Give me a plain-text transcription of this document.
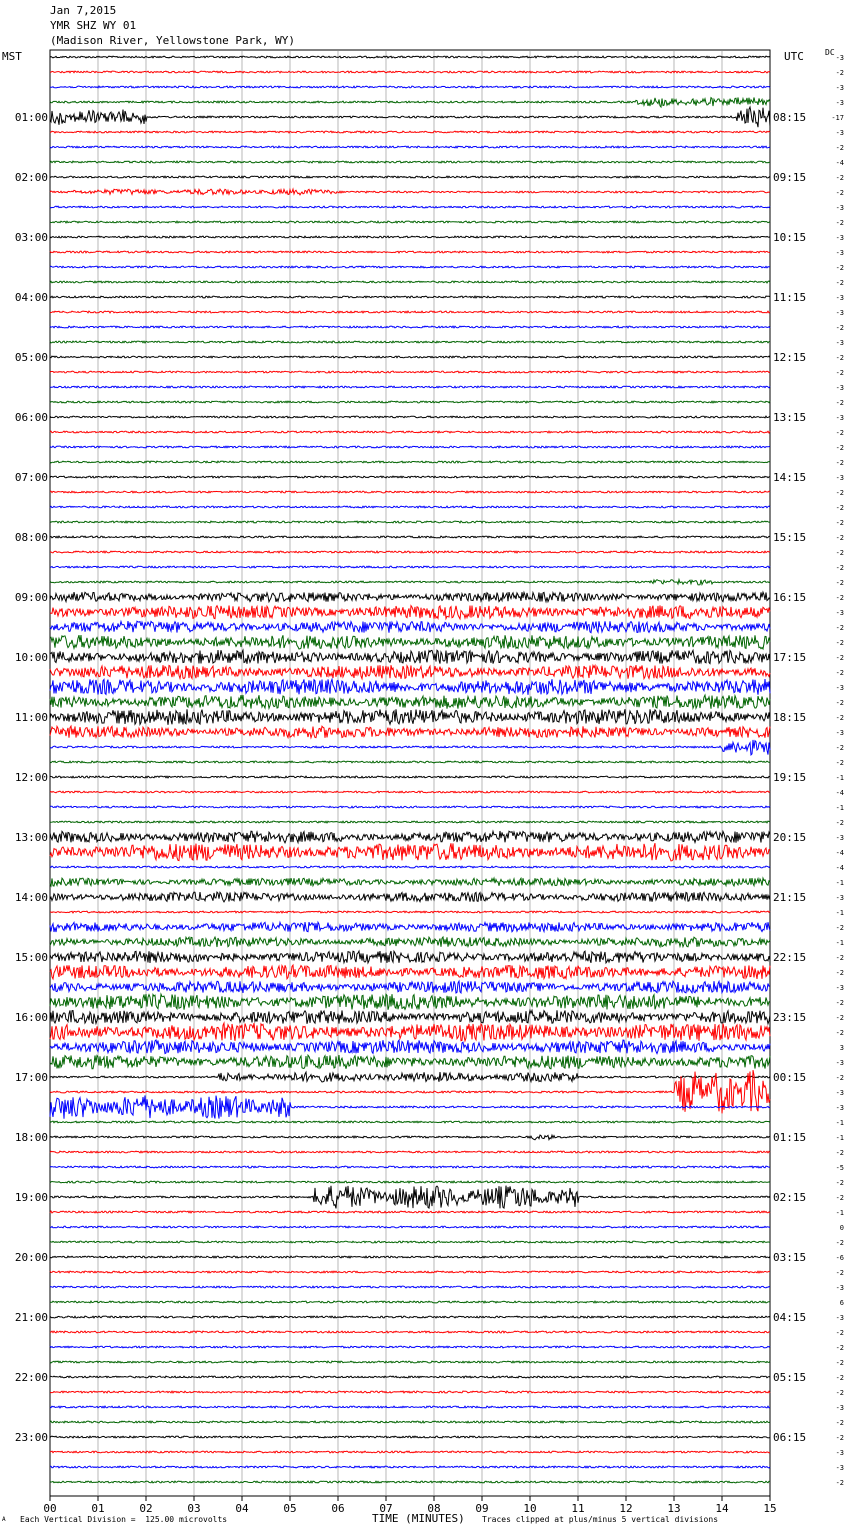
Jan 7,2015
YMR SHZ WY 01
(Madison River, Yellowstone Park, WY)
MST	UTC	DC
00	01	02	03	04	05	06	07	08	09	10	11	12	13	14	15
-3
-2
-3
-3
-17
-3
-2
-4
-2
-2
-3
-2
-3
-3
-2
-2
-3
-3
-2
-3
-2
-2
-3
-2
-3
-2
-2
-2
-3
-2
-2
-2
-2
-2
-2
-2
-2
-3
-2
-2
-2
-2
-3
-2
-2
-3
-2
-2
-1
-4
-1
-2
-3
-4
-4
-1
-3
-1
-2
-1
-2
-2
-3
-2
-2
-2
3
-3
-2
-3
-3
-1
-1
-2
-5
-2
-2
-1
0
-2
-6
-2
-3
6
-3
-2
-2
-2
-2
-2
-3
-2
-2
-3
-3
-2
01:00
02:00
03:00
04:00
05:00
06:00
07:00
08:00
09:00
10:00
11:00
12:00
13:00
14:00
15:00
16:00
17:00
18:00
19:00
20:00
21:00
22:00
23:00
08:15
09:15
10:15
11:15
12:15
13:15
14:15
15:15
16:15
17:15
18:15
19:15
20:15
21:15
22:15
23:15
00:15
01:15
02:15
03:15
04:15
05:15
06:15
TIME (MINUTES)
A Each Vertical Division =  125.00 microvolts	Traces clipped at plus/minus 5 vertical divisions
